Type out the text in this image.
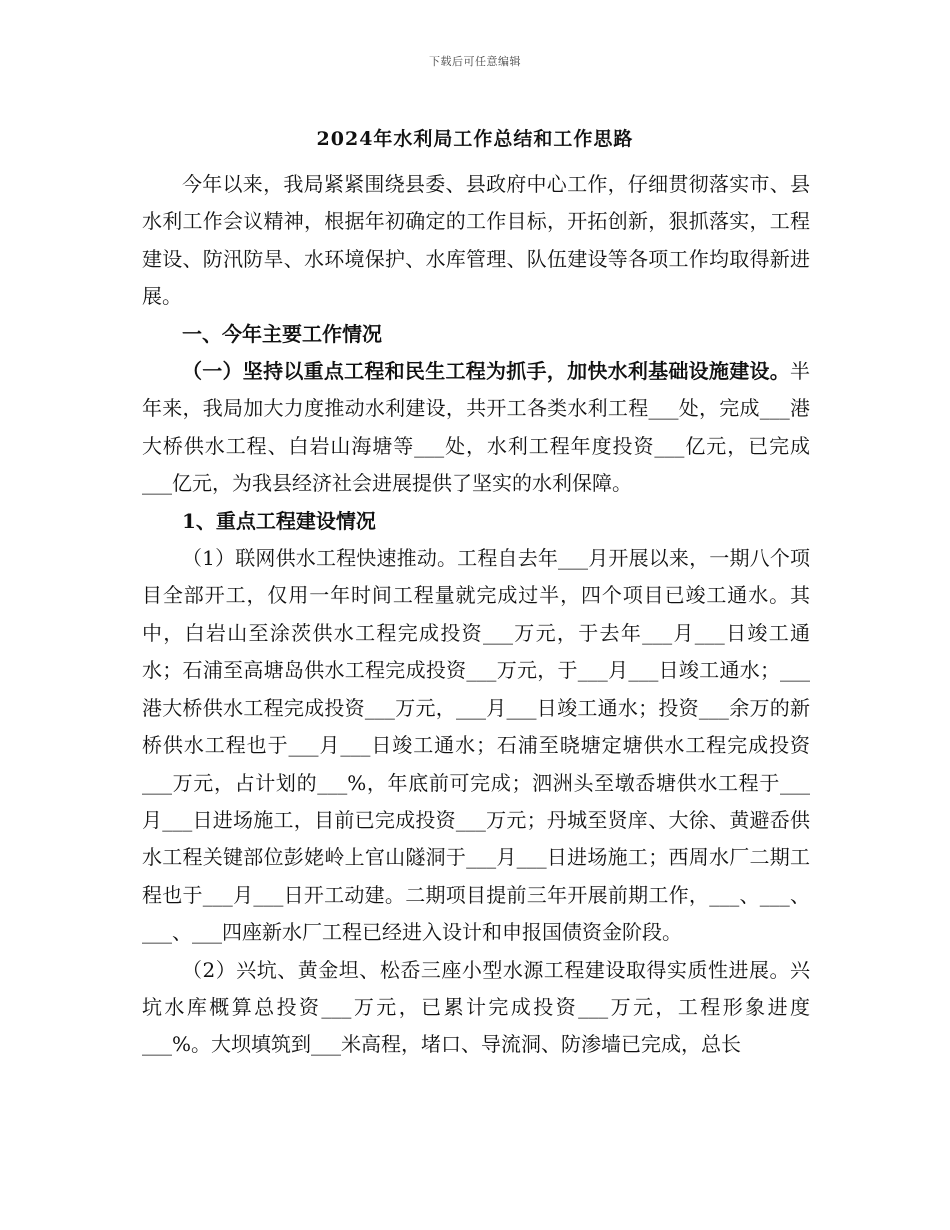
下载后可任意编辑
2024年水利局工作总结和工作思路

今年以来，我局紧紧围绕县委、县政府中心工作，仔细贯彻落实市、县水利工作会议精神，根据年初确定的工作目标，开拓创新，狠抓落实，工程建设、防汛防旱、水环境保护、水库管理、队伍建设等各项工作均取得新进展。

一、今年主要工作情况

（一）坚持以重点工程和民生工程为抓手，加快水利基础设施建设。半年来，我局加大力度推动水利建设，共开工各类水利工程___处，完成___港大桥供水工程、白岩山海塘等___处，水利工程年度投资___亿元，已完成___亿元，为我县经济社会进展提供了坚实的水利保障。

1、重点工程建设情况

（1）联网供水工程快速推动。工程自去年___月开展以来，一期八个项目全部开工，仅用一年时间工程量就完成过半，四个项目已竣工通水。其中，白岩山至涂茨供水工程完成投资___万元，于去年___月___日竣工通水；石浦至高塘岛供水工程完成投资___万元，于___月___日竣工通水；___港大桥供水工程完成投资___万元，___月___日竣工通水；投资___余万的新桥供水工程也于___月___日竣工通水；石浦至晓塘定塘供水工程完成投资___万元，占计划的___%，年底前可完成；泗洲头至墩岙塘供水工程于___月___日进场施工，目前已完成投资___万元；丹城至贤庠、大徐、黄避岙供水工程关键部位彭姥岭上官山隧洞于___月___日进场施工；西周水厂二期工程也于___月___日开工动建。二期项目提前三年开展前期工作，___、___、___、___四座新水厂工程已经进入设计和申报国债资金阶段。

（2）兴坑、黄金坦、松岙三座小型水源工程建设取得实质性进展。兴坑水库概算总投资___万元，已累计完成投资___万元，工程形象进度___%。大坝填筑到___米高程，堵口、导流洞、防渗墙已完成，总长
